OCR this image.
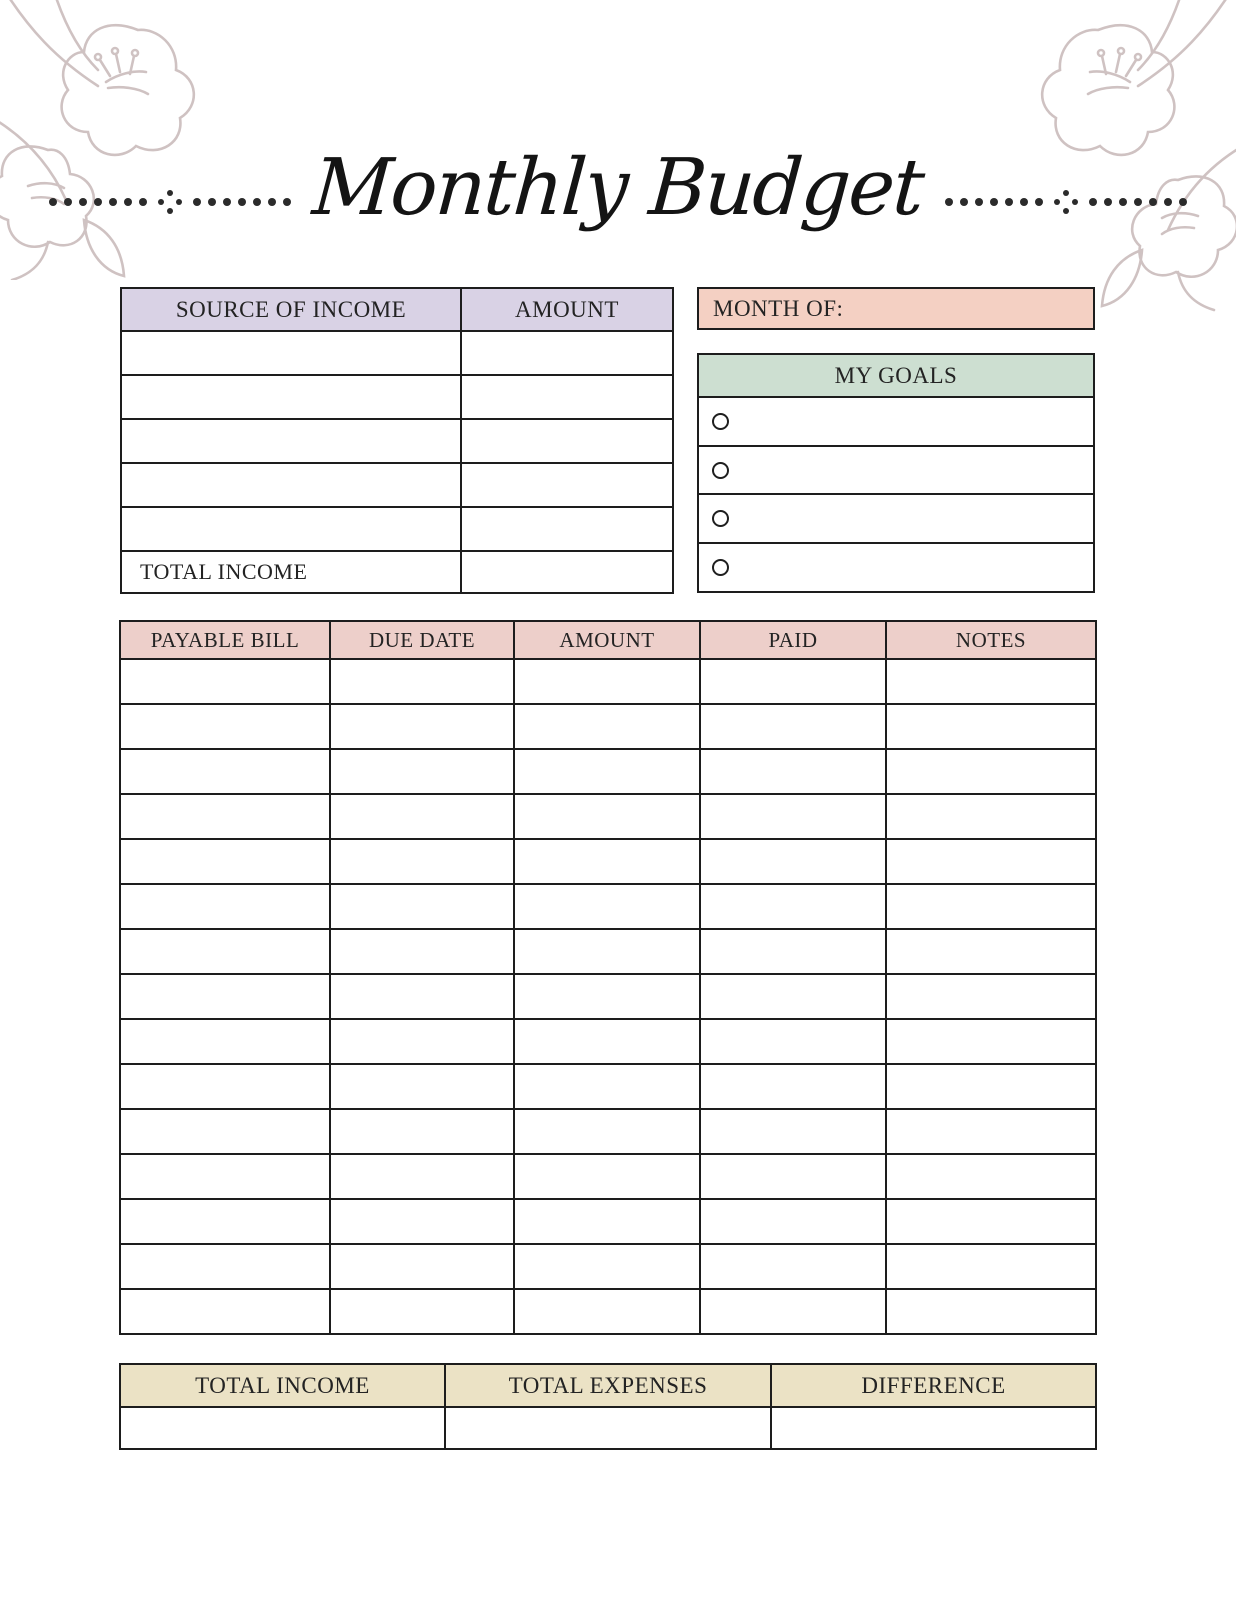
Monthly Budget
SOURCE OF INCOME	AMOUNT

TOTAL INCOME	
MONTH OF:
MY GOALS
PAYABLE BILL	DUE DATE	AMOUNT	PAID	NOTES

TOTAL INCOME	TOTAL EXPENSES	DIFFERENCE
